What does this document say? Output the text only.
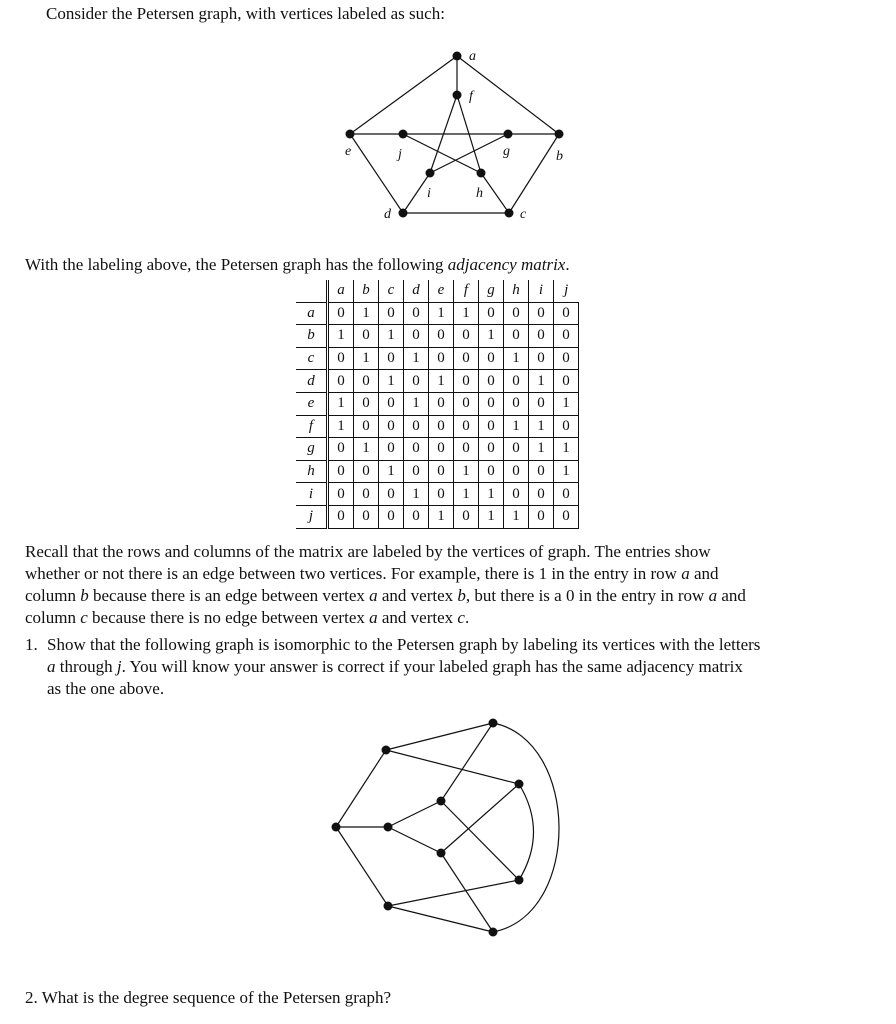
Consider the Petersen graph, with vertices labeled as such:
a
b
c
d
e
f
g
h
i
j
With the labeling above, the Petersen graph has the following adjacency matrix.
	a	b	c	d	e	f	g	h	i	j
a	0	1	0	0	1	1	0	0	0	0
b	1	0	1	0	0	0	1	0	0	0
c	0	1	0	1	0	0	0	1	0	0
d	0	0	1	0	1	0	0	0	1	0
e	1	0	0	1	0	0	0	0	0	1
f	1	0	0	0	0	0	0	1	1	0
g	0	1	0	0	0	0	0	0	1	1
h	0	0	1	0	0	1	0	0	0	1
i	0	0	0	1	0	1	1	0	0	0
j	0	0	0	0	1	0	1	1	0	0
Recall that the rows and columns of the matrix are labeled by the vertices of graph. The entries show
whether or not there is an edge between two vertices. For example, there is 1 in the entry in row a and
column b because there is an edge between vertex a and vertex b, but there is a 0 in the entry in row a and
column c because there is no edge between vertex a and vertex c.
1. Show that the following graph is isomorphic to the Petersen graph by labeling its vertices with the letters
a through j. You will know your answer is correct if your labeled graph has the same adjacency matrix
as the one above.
2. What is the degree sequence of the Petersen graph?
